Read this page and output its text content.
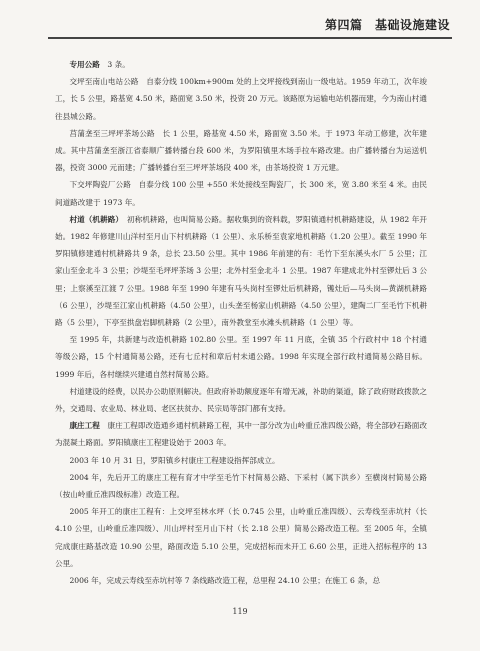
第四篇　基础设施建设

专用公路　3 条。

交坪至南山电站公路　自泰分线 100km+900m 处的上交坪接线到南山一级电站。1959 年动工，次年竣工，长 5 公里，路基宽 4.50 米，路面宽 3.50 米，投资 20 万元。该路原为运输电站机器而建，今为南山村通往县城公路。

莒蒲垄至三坪坪茶场公路　长 1 公里，路基宽 4.50 米，路面宽 3.50 米。于 1973 年动工修建，次年建成。其中莒蒲垄至浙江省泰顺广播转播台段 600 米，为罗阳镇里木场手拉车路改建。由广播转播台为运送机器，投资 3000 元而建；广播转播台至三坪坪茶场段 400 米，由茶场投资 1 万元建。

下交坪陶瓷厂公路　自泰分线 100 公里 +550 米处接线至陶瓷厂，长 300 米，宽 3.80 米至 4 米。由民间道路改建于 1973 年。

村道（机耕路）　初称机耕路，也叫简易公路。据收集到的资料载，罗阳镇通村机耕路建设，从 1982 年开始。1982 年修建川山洋村至月山下村机耕路（1 公里）、永乐桥至袁家地机耕路（1.20 公里）。截至 1990 年罗阳镇修建通村机耕路共 9 条，总长 23.50 公里。其中 1986 年前建的有：毛竹下至东溪头水厂 5 公里；江家山至金北斗 3 公里；沙堤至毛坪坪茶场 3 公里；北外村至金北斗 1 公里。1987 年建成北外村至锣灶后 3 公里；上察溪至江渡 7 公里。1988 年至 1990 年建有马头岗村至锣灶后机耕路，镬灶后—马头岗—黄湖机耕路（6 公里），沙堤至江家山机耕路（4.50 公里），山头垄至杨家山机耕路（4.50 公里），建陶二厂至毛竹下机耕路（5 公里），下亭至拱盘岩脚机耕路（2 公里），南外教堂至水滩头机耕路（1 公里）等。

至 1995 年，共新建与改造机耕路 102.80 公里。至 1997 年 11 月底，全镇 35 个行政村中 18 个村通等级公路，15 个村通简易公路，还有七丘村和章后村未通公路。1998 年实现全部行政村通简易公路目标。1999 年后，各村继续兴建通自然村简易公路。

村道建设的经费，以民办公助原则解决。但政府补助额度逐年有增无减，补助的渠道，除了政府财政拨款之外，交通局、农业局、林业局、老区扶贫办、民宗局等部门都有支持。

康庄工程　康庄工程即改造通乡通村机耕路工程，其中一部分改为山岭重丘准四级公路，将全部砂石路面改为混凝土路面。罗阳镇康庄工程建设始于 2003 年。

2003 年 10 月 31 日，罗阳镇乡村康庄工程建设指挥部成立。

2004 年，先后开工的康庄工程有育才中学至毛竹下村简易公路、下采村（属下洪乡）至横岗村简易公路（按山岭重丘准四级标准）改造工程。

2005 年开工的康庄工程有：上交坪至林水坪（长 0.745 公里，山岭重丘准四级）、云寿线至赤坑村（长 4.10 公里，山岭重丘准四级）、川山坪村至月山下村（长 2.18 公里）简易公路改造工程。至 2005 年，全镇完成康庄路基改造 10.90 公里，路面改造 5.10 公里，完成招标而未开工 6.60 公里，正进入招标程序的 13 公里。

2006 年，完成云寿线至赤坑村等 7 条线路改造工程，总里程 24.10 公里；在施工 6 条，总

119
